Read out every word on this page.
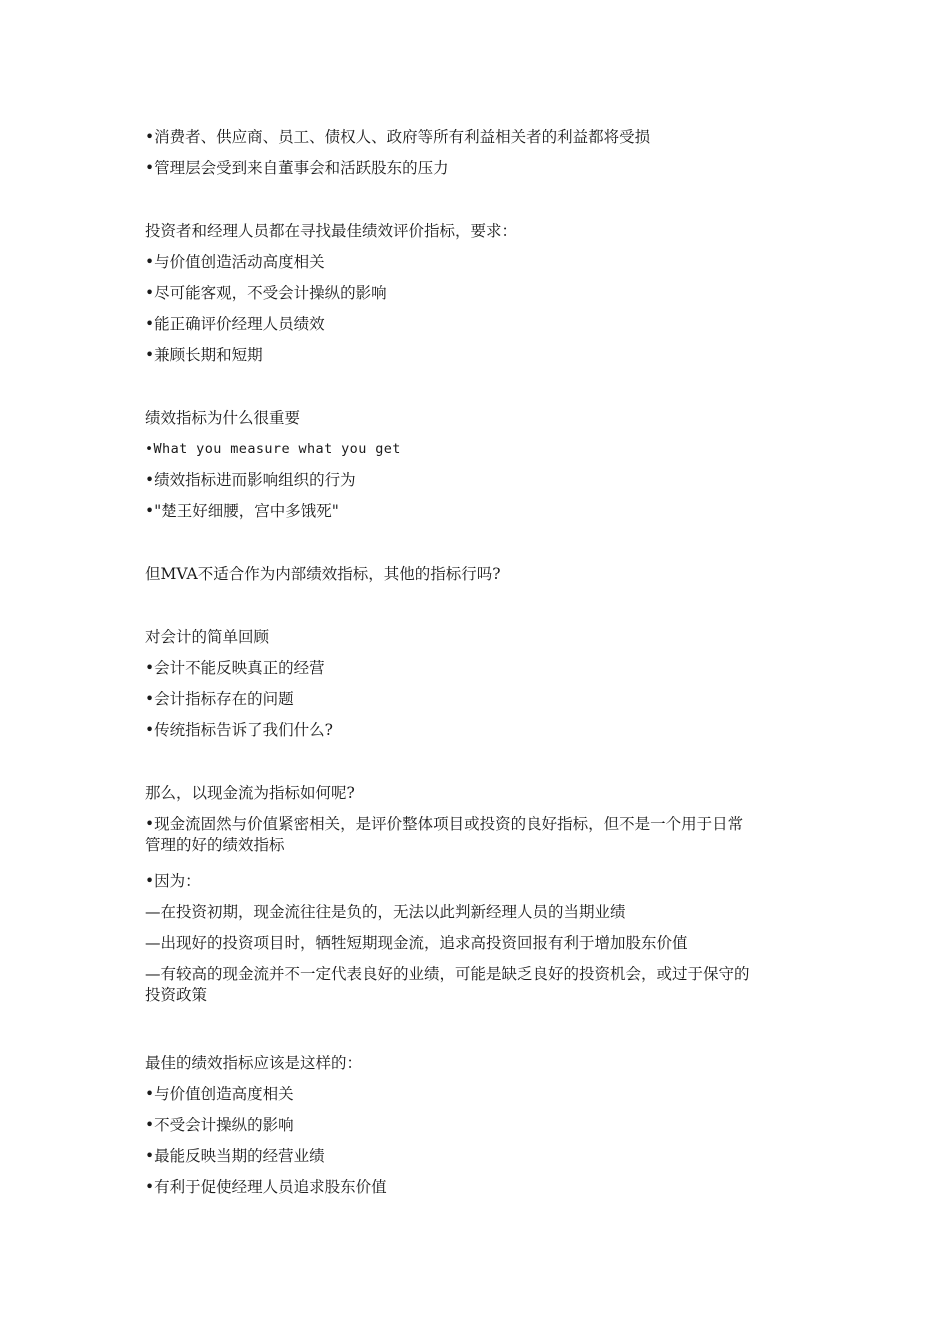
•消费者、供应商、员工、债权人、政府等所有利益相关者的利益都将受损
•管理层会受到来自董事会和活跃股东的压力
投资者和经理人员都在寻找最佳绩效评价指标，要求：
•与价值创造活动高度相关
•尽可能客观，不受会计操纵的影响
•能正确评价经理人员绩效
•兼顾长期和短期
绩效指标为什么很重要
•What you measure what you get
•绩效指标进而影响组织的行为
•"楚王好细腰，宫中多饿死"
但MVA不适合作为内部绩效指标，其他的指标行吗?
对会计的简单回顾
•会计不能反映真正的经营
•会计指标存在的问题
•传统指标告诉了我们什么?
那么，以现金流为指标如何呢?
•现金流固然与价值紧密相关，是评价整体项目或投资的良好指标，但不是一个用于日常
管理的好的绩效指标
•因为：
—在投资初期，现金流往往是负的，无法以此判新经理人员的当期业绩
—出现好的投资项目时，牺牲短期现金流，追求高投资回报有利于增加股东价值
—有较高的现金流并不一定代表良好的业绩，可能是缺乏良好的投资机会，或过于保守的
投资政策
最佳的绩效指标应该是这样的：
•与价值创造高度相关
•不受会计操纵的影响
•最能反映当期的经营业绩
•有利于促使经理人员追求股东价值
